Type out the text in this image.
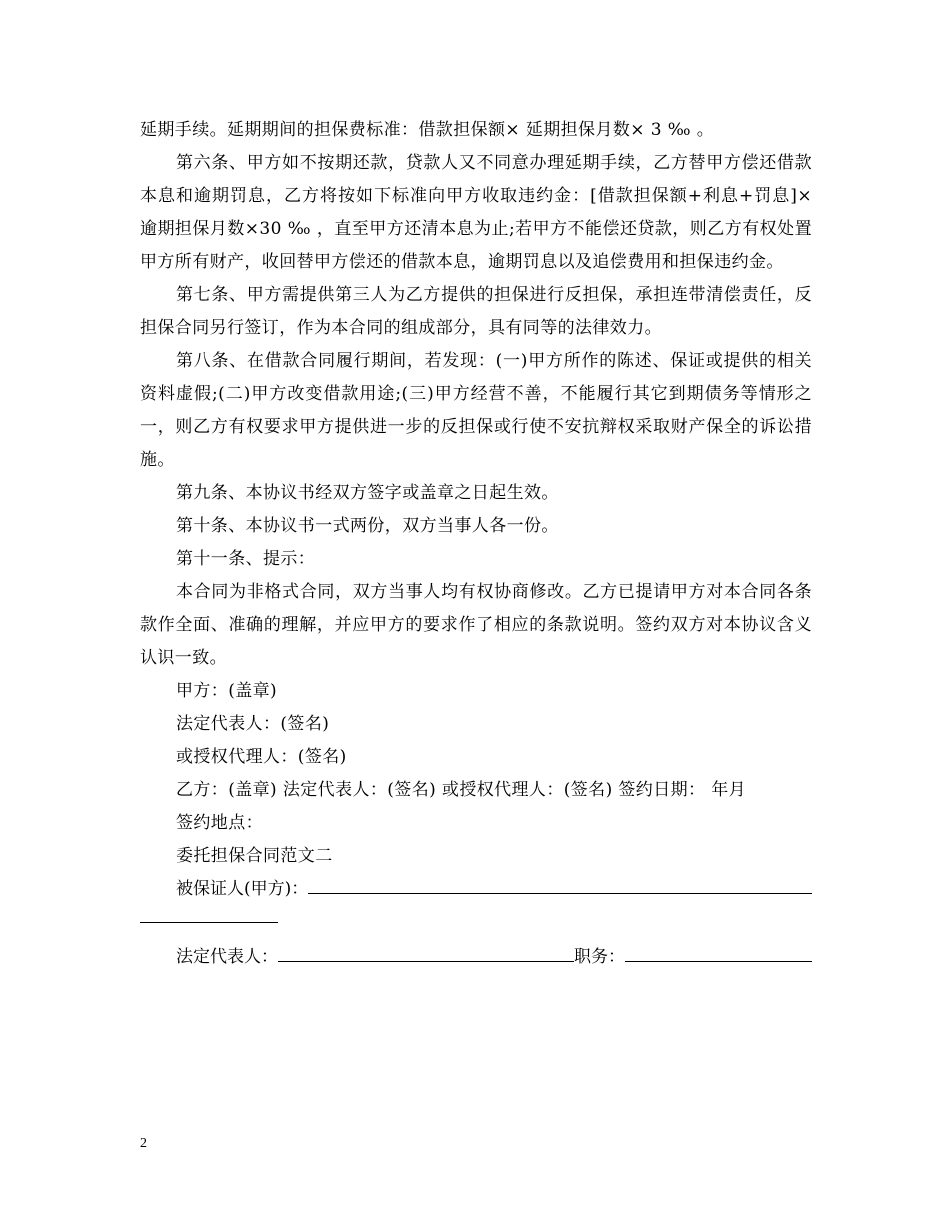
延期手续。延期期间的担保费标准：借款担保额× 延期担保月数× 3 ‰ 。

第六条、甲方如不按期还款，贷款人又不同意办理延期手续，乙方替甲方偿还借款本息和逾期罚息，乙方将按如下标准向甲方收取违约金：[借款担保额+利息+罚息]× 逾期担保月数×30 ‰ ，直至甲方还清本息为止;若甲方不能偿还贷款，则乙方有权处置甲方所有财产，收回替甲方偿还的借款本息，逾期罚息以及追偿费用和担保违约金。

第七条、甲方需提供第三人为乙方提供的担保进行反担保，承担连带清偿责任，反担保合同另行签订，作为本合同的组成部分，具有同等的法律效力。

第八条、在借款合同履行期间，若发现：(一)甲方所作的陈述、保证或提供的相关资料虚假;(二)甲方改变借款用途;(三)甲方经营不善，不能履行其它到期债务等情形之一，则乙方有权要求甲方提供进一步的反担保或行使不安抗辩权采取财产保全的诉讼措施。

第九条、本协议书经双方签字或盖章之日起生效。

第十条、本协议书一式两份，双方当事人各一份。

第十一条、提示：

本合同为非格式合同，双方当事人均有权协商修改。乙方已提请甲方对本合同各条款作全面、准确的理解，并应甲方的要求作了相应的条款说明。签约双方对本协议含义认识一致。

甲方：(盖章)

法定代表人：(签名)

或授权代理人：(签名)

乙方：(盖章) 法定代表人：(签名) 或授权代理人：(签名) 签约日期： 年月

签约地点：

委托担保合同范文二

被保证人(甲方)：
法定代表人：	职务：
2
